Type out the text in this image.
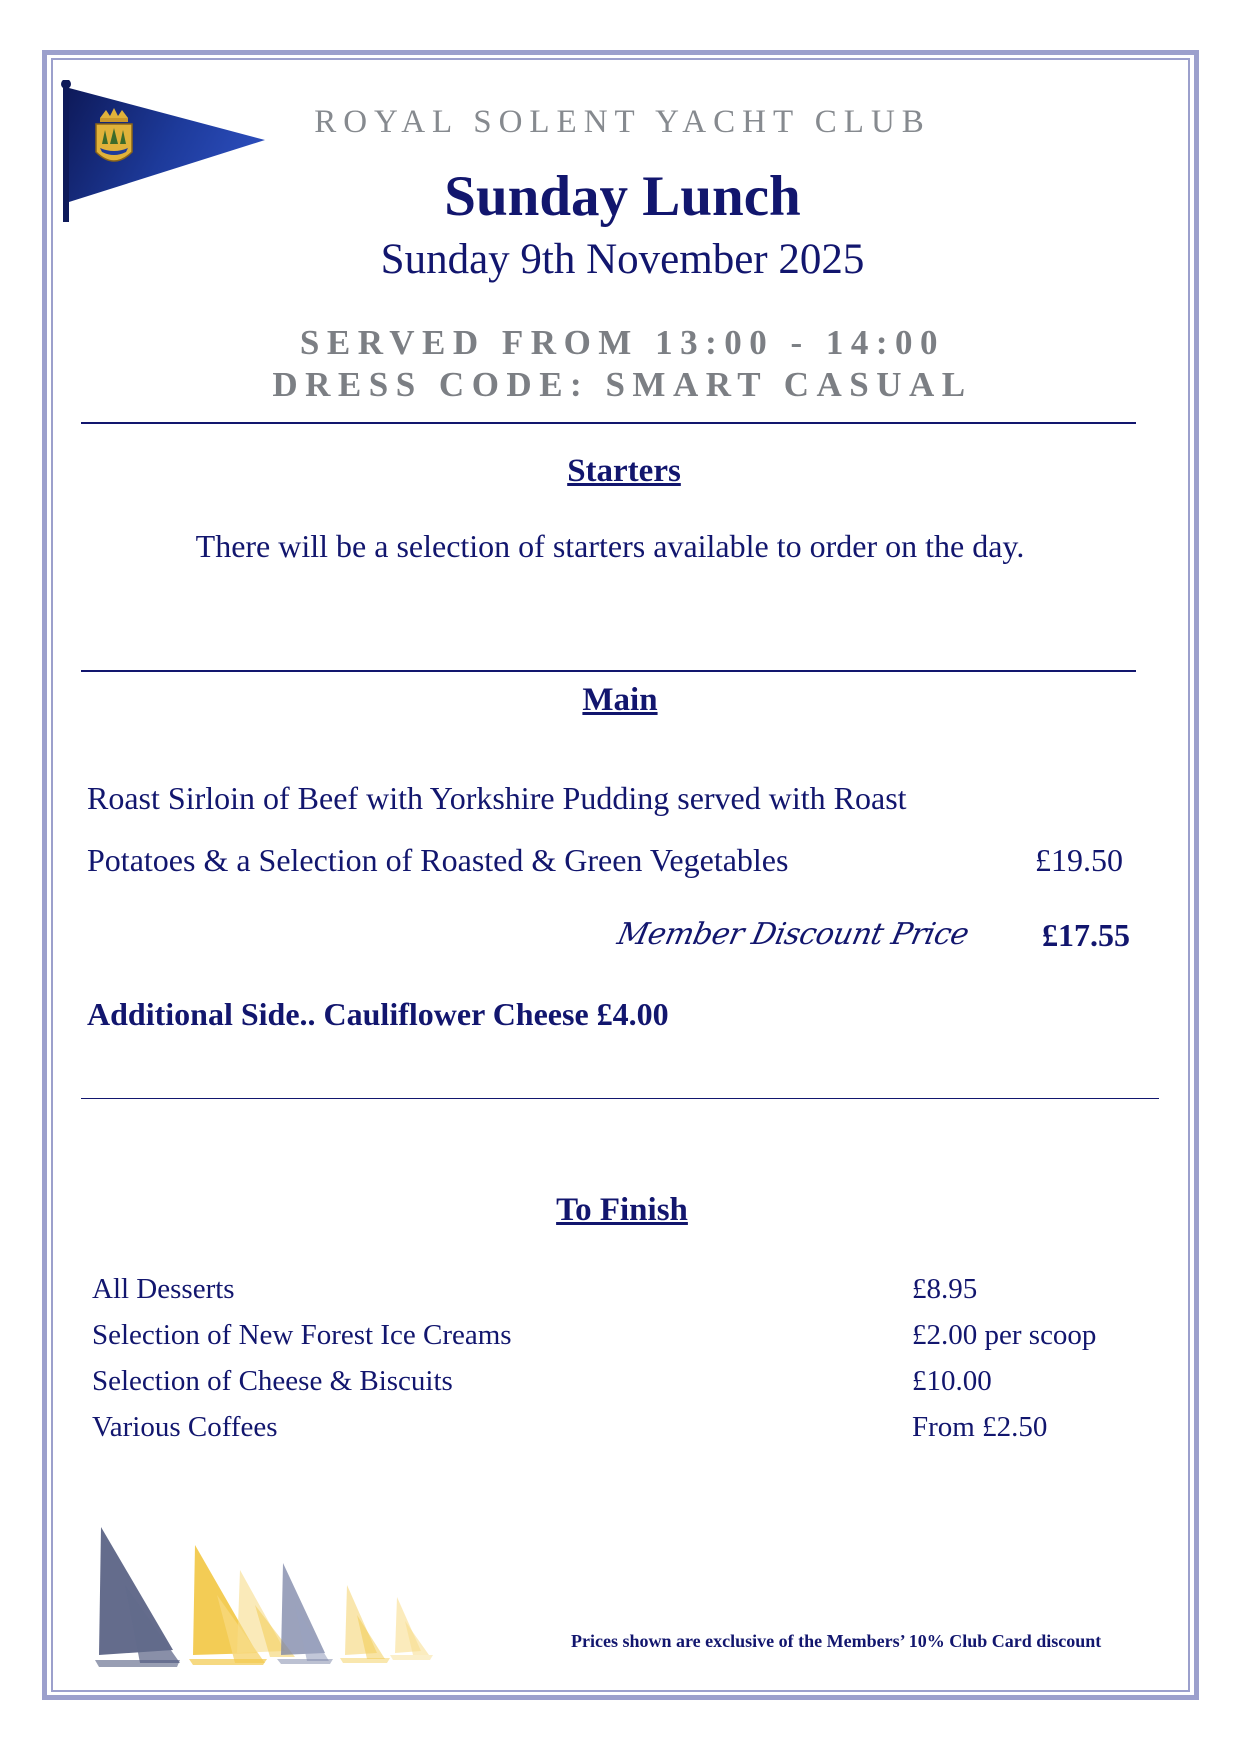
ROYAL SOLENT YACHT CLUB
Sunday Lunch
Sunday 9th November 2025
SERVED FROM 13:00 - 14:00
DRESS CODE: SMART CASUAL
Starters
There will be a selection of starters available to order on the day.
Main
Roast Sirloin of Beef with Yorkshire Pudding served with Roast
Potatoes & a Selection of Roasted & Green Vegetables	£19.50
Member Discount Price £17.55
Additional Side.. Cauliflower Cheese £4.00
To Finish
All Desserts	£8.95
Selection of New Forest Ice Creams	£2.00 per scoop
Selection of Cheese & Biscuits	£10.00
Various Coffees	From £2.50
Prices shown are exclusive of the Members’ 10% Club Card discount
